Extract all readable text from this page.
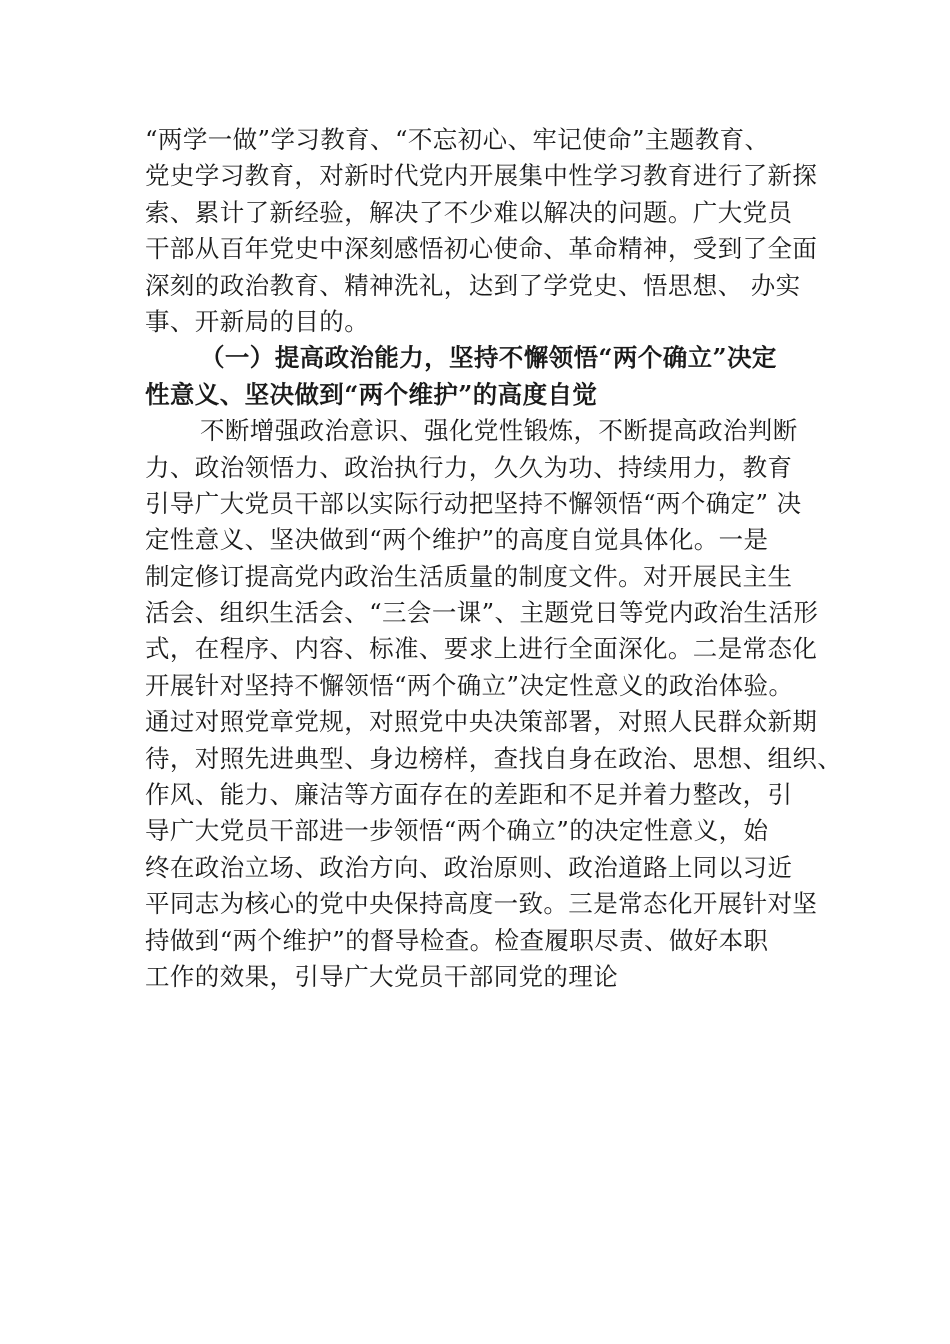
“两学一做”学习教育、“不忘初心、牢记使命”主题教育、
党史学习教育，对新时代党内开展集中性学习教育进行了新探
索、累计了新经验，解决了不少难以解决的问题。广大党员
干部从百年党史中深刻感悟初心使命、革命精神，受到了全面
深刻的政治教育、精神洗礼，达到了学党史、悟思想、 办实
事、开新局的目的。
（一）提高政治能力，坚持不懈领悟“两个确立”决定
性意义、坚决做到“两个维护”的高度自觉
不断增强政治意识、强化党性锻炼，不断提高政治判断
力、政治领悟力、政治执行力，久久为功、持续用力，教育
引导广大党员干部以实际行动把坚持不懈领悟“两个确定” 决
定性意义、坚决做到“两个维护”的高度自觉具体化。一是
制定修订提高党内政治生活质量的制度文件。对开展民主生
活会、组织生活会、“三会一课”、主题党日等党内政治生活形
式，在程序、内容、标准、要求上进行全面深化。二是常态化
开展针对坚持不懈领悟“两个确立”决定性意义的政治体验。
通过对照党章党规，对照党中央决策部署，对照人民群众新期
待，对照先进典型、身边榜样，查找自身在政治、思想、组织、
作风、能力、廉洁等方面存在的差距和不足并着力整改，引
导广大党员干部进一步领悟“两个确立”的决定性意义，始
终在政治立场、政治方向、政治原则、政治道路上同以习近
平同志为核心的党中央保持高度一致。三是常态化开展针对坚
持做到“两个维护”的督导检查。检查履职尽责、做好本职
工作的效果，引导广大党员干部同党的理论
